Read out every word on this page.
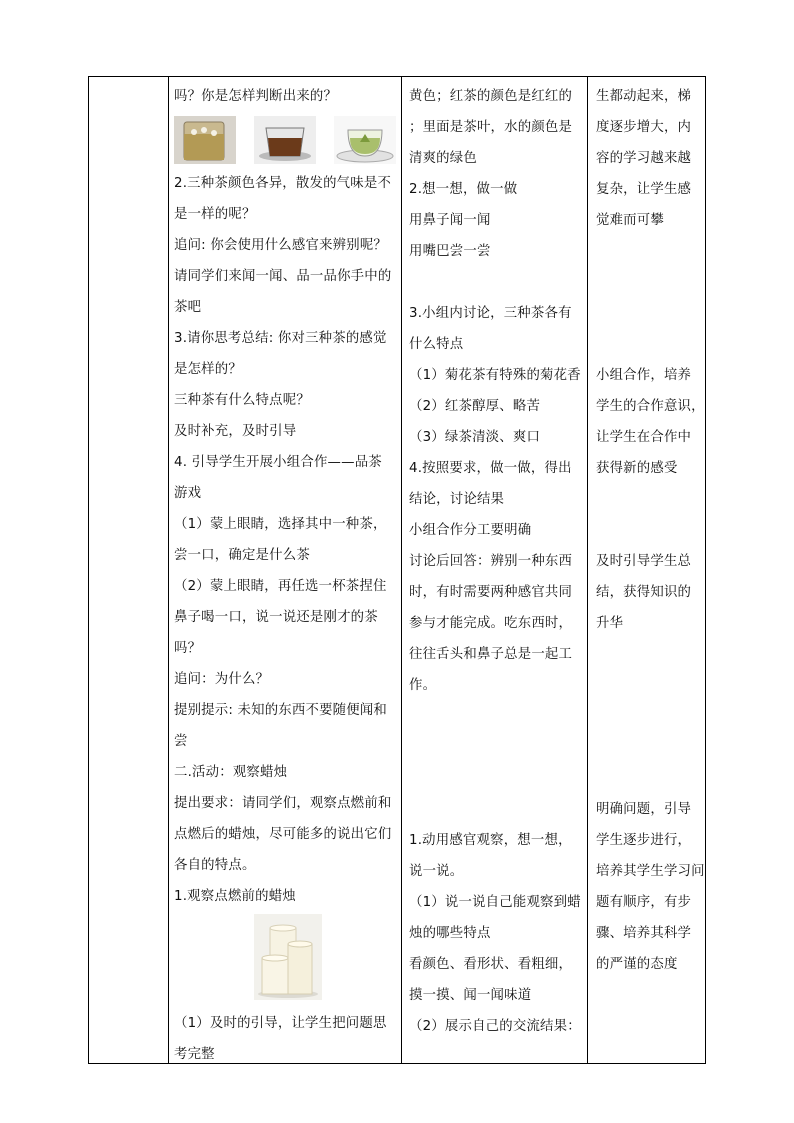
吗？你是怎样判断出来的？
2.三种茶颜色各异，散发的气味是不
是一样的呢？
追问: 你会使用什么感官来辨别呢？
请同学们来闻一闻、品一品你手中的
茶吧
3.请你思考总结: 你对三种茶的感觉
是怎样的？
三种茶有什么特点呢？
及时补充，及时引导
4. 引导学生开展小组合作——品茶
游戏
（1）蒙上眼睛，选择其中一种茶，
尝一口，确定是什么茶
（2）蒙上眼睛，再任选一杯茶捏住
鼻子喝一口，说一说还是刚才的茶
吗？
追问：为什么？
提别提示: 未知的东西不要随便闻和
尝
二.活动：观察蜡烛
提出要求：请同学们，观察点燃前和
点燃后的蜡烛，尽可能多的说出它们
各自的特点。
1.观察点燃前的蜡烛
（1）及时的引导，让学生把问题思
考完整
黄色；红茶的颜色是红红的
；里面是茶叶，水的颜色是
清爽的绿色
2.想一想，做一做
用鼻子闻一闻
用嘴巴尝一尝
3.小组内讨论，三种茶各有
什么特点
（1）菊花茶有特殊的菊花香
（2）红茶醇厚、略苦
（3）绿茶清淡、爽口
4.按照要求，做一做，得出
结论，讨论结果
小组合作分工要明确
讨论后回答：辨别一种东西
时，有时需要两种感官共同
参与才能完成。吃东西时，
往往舌头和鼻子总是一起工
作。
1.动用感官观察，想一想，
说一说。
（1）说一说自己能观察到蜡
烛的哪些特点
看颜色、看形状、看粗细，
摸一摸、闻一闻味道
（2）展示自己的交流结果：
生都动起来，梯
度逐步增大，内
容的学习越来越
复杂，让学生感
觉难而可攀
小组合作，培养
学生的合作意识，
让学生在合作中
获得新的感受
及时引导学生总
结，获得知识的
升华
明确问题，引导
学生逐步进行，
培养其学生学习问
题有顺序，有步
骤、培养其科学
的严谨的态度
